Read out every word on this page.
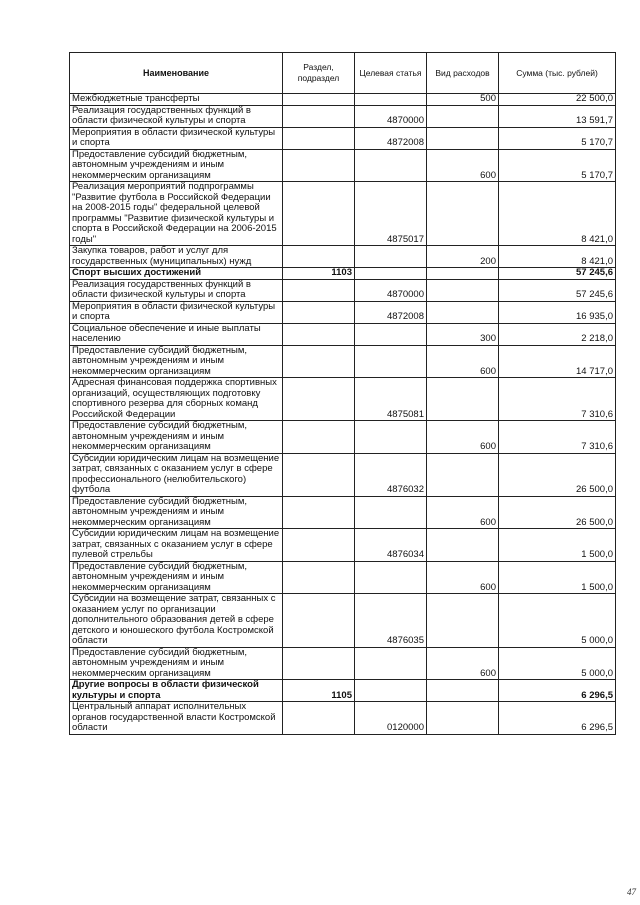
Наименование	Раздел, подраздел	Целевая статья	Вид расходов	Сумма (тыс. рублей)
Межбюджетные трансферты			500	22 500,0
Реализация государственных функций в области физической культуры и спорта		4870000		13 591,7
Мероприятия в области физической культуры и спорта		4872008		5 170,7
Предоставление субсидий бюджетным, автономным учреждениям и иным некоммерческим организациям			600	5 170,7
Реализация мероприятий подпрограммы "Развитие футбола в Российской Федерации на 2008-2015 годы" федеральной целевой программы "Развитие физической культуры и спорта в Российской Федерации на 2006-2015 годы"		4875017		8 421,0
Закупка товаров, работ и услуг для государственных (муниципальных) нужд			200	8 421,0
Спорт высших достижений	1103			57 245,6
Реализация государственных функций в области физической культуры и спорта		4870000		57 245,6
Мероприятия в области физической культуры и спорта		4872008		16 935,0
Социальное обеспечение и иные выплаты населению			300	2 218,0
Предоставление субсидий бюджетным, автономным учреждениям и иным некоммерческим организациям			600	14 717,0
Адресная финансовая поддержка спортивных организаций, осуществляющих подготовку спортивного резерва для сборных команд Российской Федерации		4875081		7 310,6
Предоставление субсидий бюджетным, автономным учреждениям и иным некоммерческим организациям			600	7 310,6
Субсидии юридическим лицам на возмещение затрат, связанных с оказанием услуг в сфере профессионального (нелюбительского) футбола		4876032		26 500,0
Предоставление субсидий бюджетным, автономным учреждениям и иным некоммерческим организациям			600	26 500,0
Субсидии юридическим лицам на возмещение затрат, связанных с оказанием услуг в сфере пулевой стрельбы		4876034		1 500,0
Предоставление субсидий бюджетным, автономным учреждениям и иным некоммерческим организациям			600	1 500,0
Субсидии на возмещение затрат, связанных с оказанием услуг по организации дополнительного образования детей в сфере детского и юношеского футбола Костромской области		4876035		5 000,0
Предоставление субсидий бюджетным, автономным учреждениям и иным некоммерческим организациям			600	5 000,0
Другие вопросы в области физической культуры и спорта	1105			6 296,5
Центральный аппарат исполнительных органов государственной власти Костромской области		0120000		6 296,5
47
